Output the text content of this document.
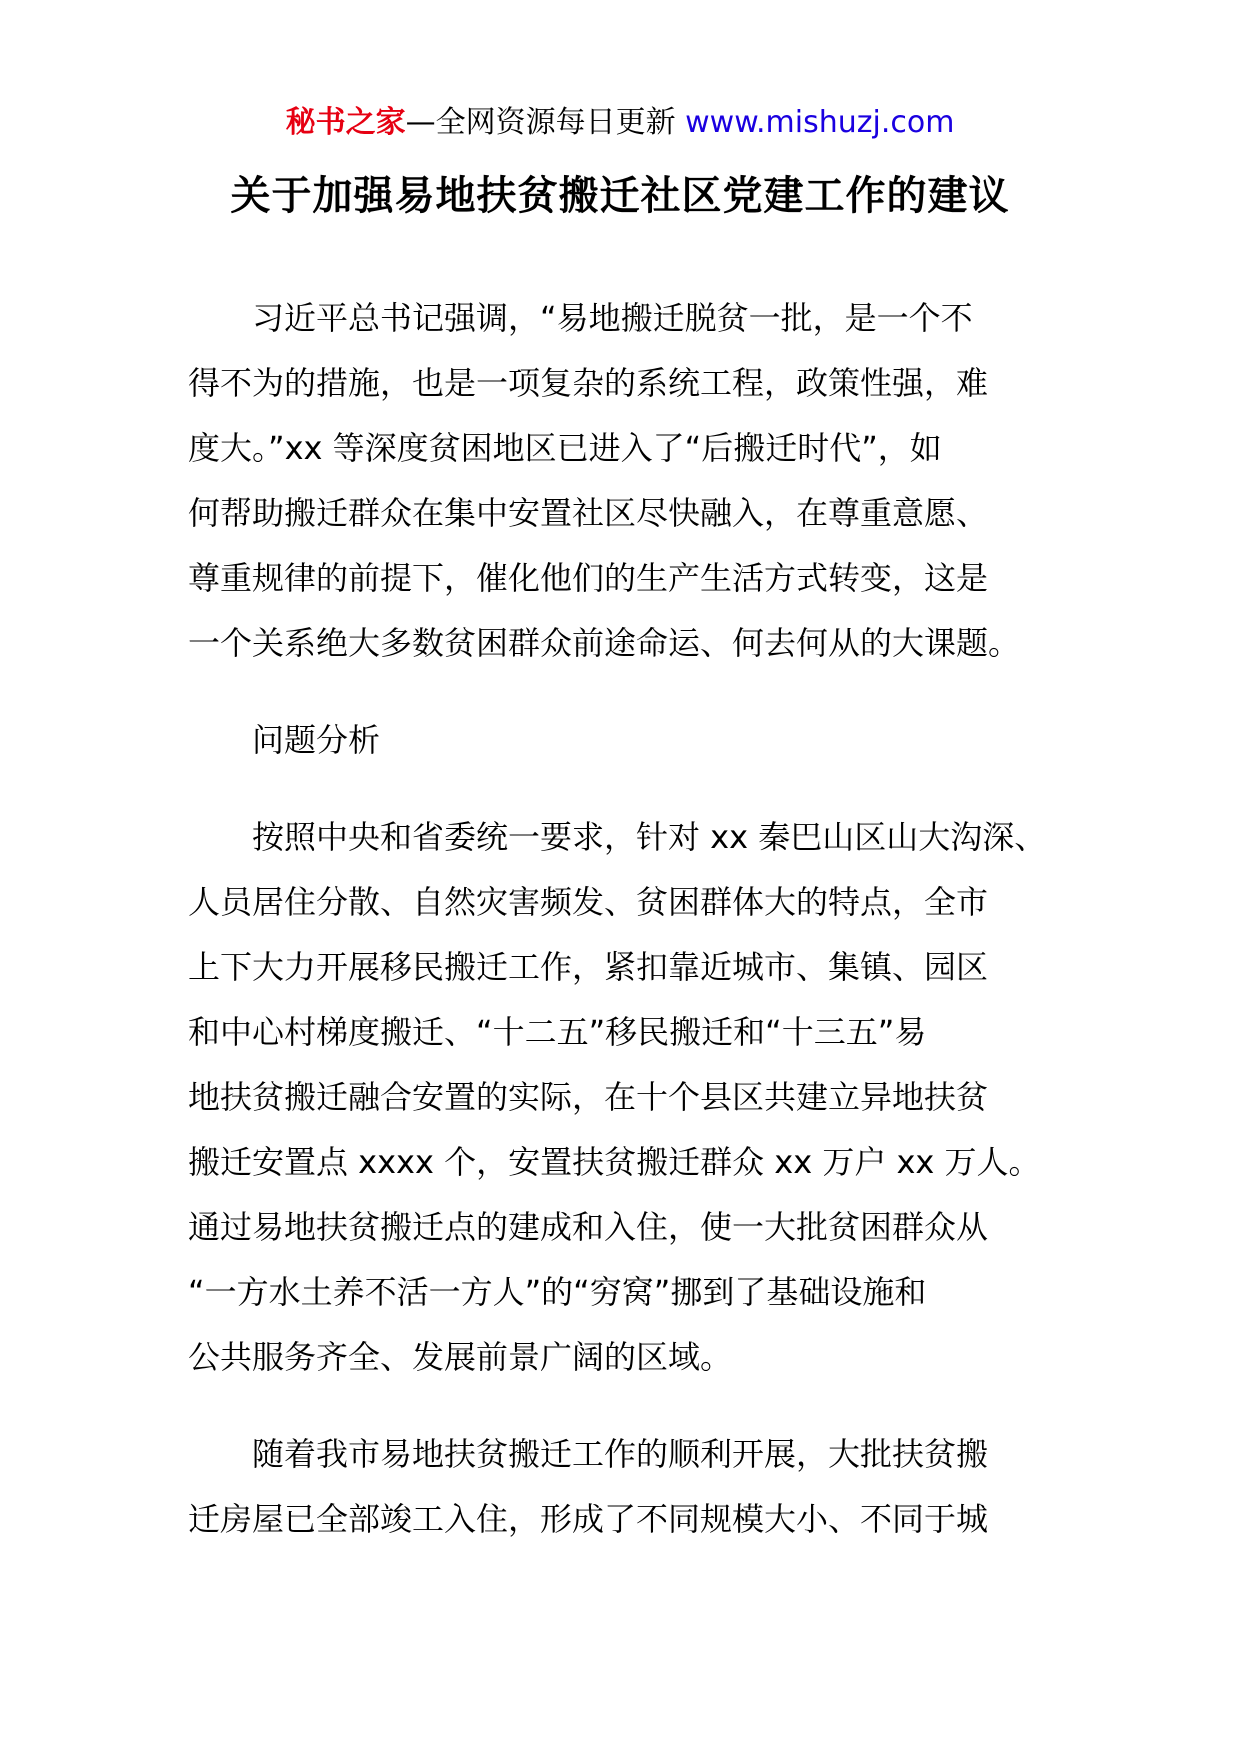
秘书之家—全网资源每日更新 www.mishuzj.com
关于加强易地扶贫搬迁社区党建工作的建议

习近平总书记强调，“易地搬迁脱贫一批，是一个不
得不为的措施，也是一项复杂的系统工程，政策性强，难
度大。”xx 等深度贫困地区已进入了“后搬迁时代”，如
何帮助搬迁群众在集中安置社区尽快融入，在尊重意愿、
尊重规律的前提下，催化他们的生产生活方式转变，这是
一个关系绝大多数贫困群众前途命运、何去何从的大课题。

问题分析

按照中央和省委统一要求，针对 xx 秦巴山区山大沟深、
人员居住分散、自然灾害频发、贫困群体大的特点，全市
上下大力开展移民搬迁工作，紧扣靠近城市、集镇、园区
和中心村梯度搬迁、“十二五”移民搬迁和“十三五”易
地扶贫搬迁融合安置的实际，在十个县区共建立异地扶贫
搬迁安置点 xxxx 个，安置扶贫搬迁群众 xx 万户 xx 万人。
通过易地扶贫搬迁点的建成和入住，使一大批贫困群众从
“一方水土养不活一方人”的“穷窝”挪到了基础设施和
公共服务齐全、发展前景广阔的区域。

随着我市易地扶贫搬迁工作的顺利开展，大批扶贫搬
迁房屋已全部竣工入住，形成了不同规模大小、不同于城
